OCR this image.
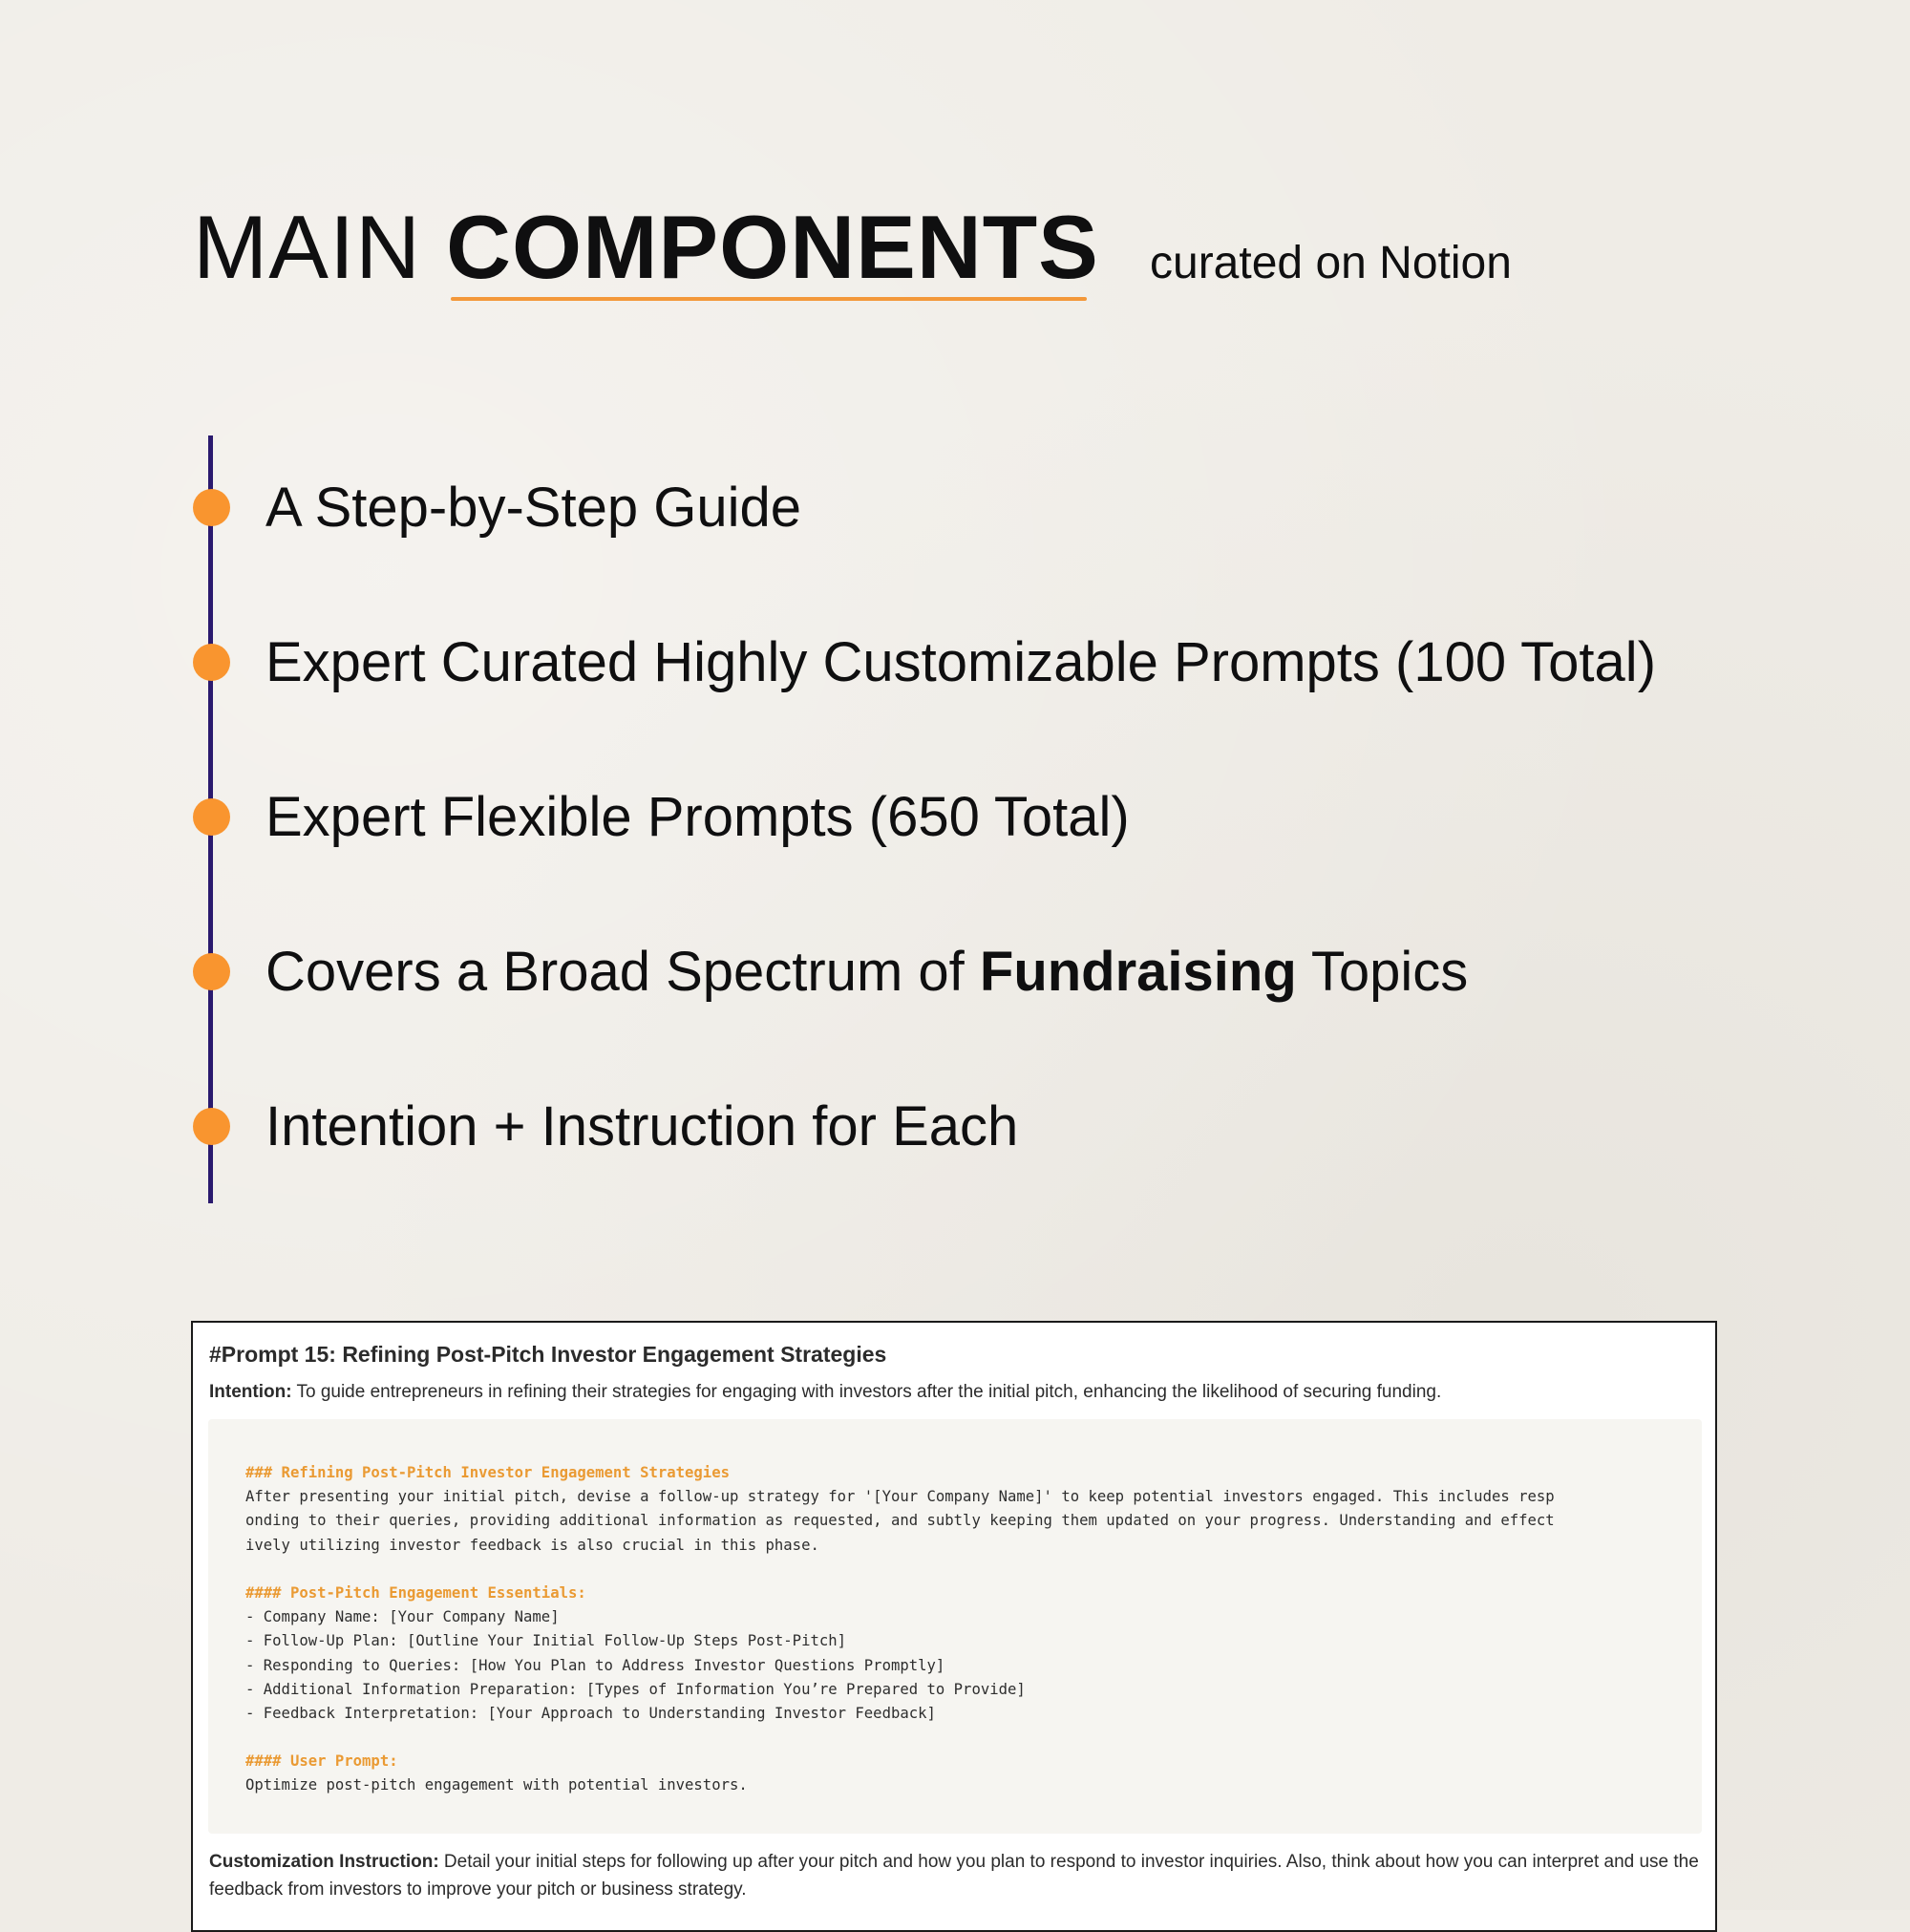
MAIN COMPONENTS curated on Notion
A Step-by-Step Guide
Expert Curated Highly Customizable Prompts (100 Total)
Expert Flexible Prompts (650 Total)
Covers a Broad Spectrum of Fundraising Topics
Intention + Instruction for Each
#Prompt 15: Refining Post-Pitch Investor Engagement Strategies
Intention: To guide entrepreneurs in refining their strategies for engaging with investors after the initial pitch, enhancing the likelihood of securing funding.
### Refining Post-Pitch Investor Engagement Strategies
After presenting your initial pitch, devise a follow-up strategy for '[Your Company Name]' to keep potential investors engaged. This includes resp
onding to their queries, providing additional information as requested, and subtly keeping them updated on your progress. Understanding and effect
ively utilizing investor feedback is also crucial in this phase.
#### Post-Pitch Engagement Essentials:
- Company Name: [Your Company Name]
- Follow-Up Plan: [Outline Your Initial Follow-Up Steps Post-Pitch]
- Responding to Queries: [How You Plan to Address Investor Questions Promptly]
- Additional Information Preparation: [Types of Information You’re Prepared to Provide]
- Feedback Interpretation: [Your Approach to Understanding Investor Feedback]
#### User Prompt:
Optimize post-pitch engagement with potential investors.
Customization Instruction: Detail your initial steps for following up after your pitch and how you plan to respond to investor inquiries. Also, think about how you can interpret and use the feedback from investors to improve your pitch or business strategy.
